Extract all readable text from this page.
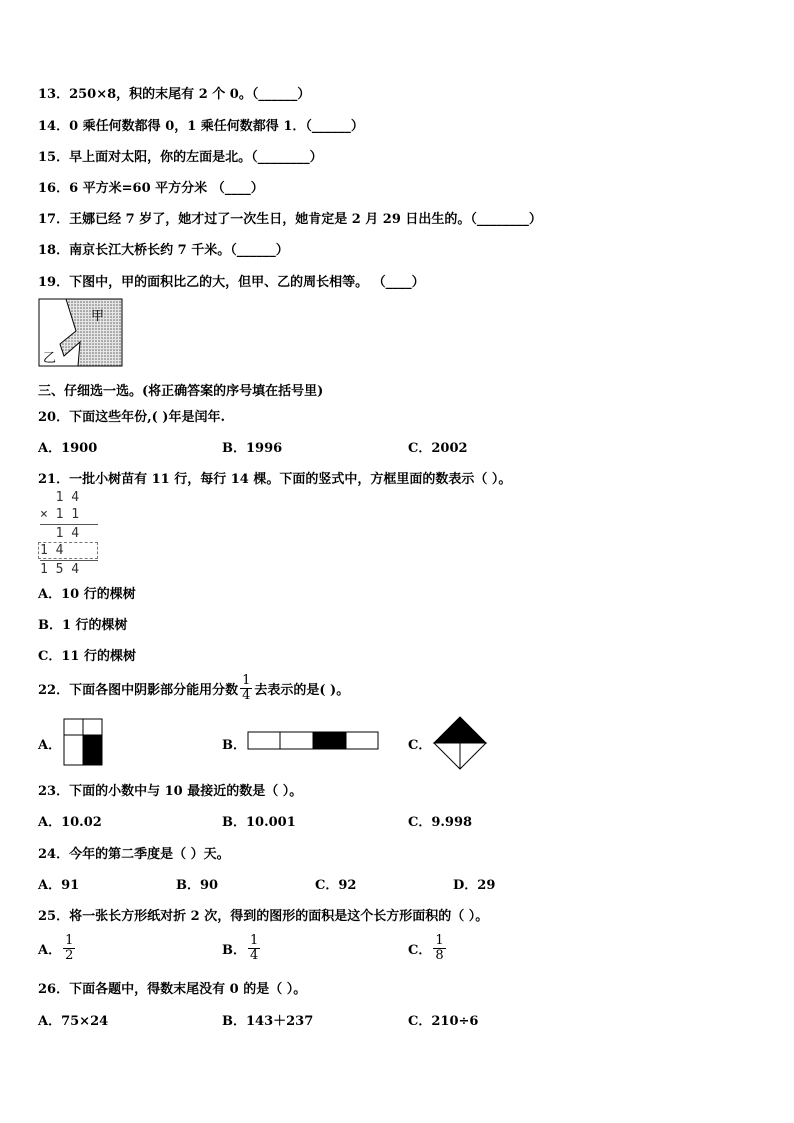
13．250×8，积的末尾有 2 个 0。（______）
14．0 乘任何数都得 0，1 乘任何数都得 1．（______）
15．早上面对太阳，你的左面是北。（________）
16．6 平方米=60 平方分米 （____）
17．王娜已经 7 岁了，她才过了一次生日，她肯定是 2 月 29 日出生的。（________）
18．南京长江大桥长约 7 千米。（______）
19．下图中，甲的面积比乙的大，但甲、乙的周长相等。 （____）
甲
乙
三、仔细选一选。(将正确答案的序号填在括号里)
20．下面这些年份,( )年是闰年.
A．1900	B．1996	C．2002
21．一批小树苗有 11 行，每行 14 棵。下面的竖式中，方框里面的数表示（ ）。
1 4
× 1 1
1 4
1 4
1 5 4
A．10 行的棵树
B．1 行的棵树
C．11 行的棵树
22．下面各图中阴影部分能用分数 $\frac{1}{4}$ 去表示的是( )。
A．	B．	C．
23．下面的小数中与 10 最接近的数是（ ）。
A．10.02	B．10.001	C．9.998
24．今年的第二季度是（ ）天。
A．91	B．90	C．92	D．29
25．将一张长方形纸对折 2 次，得到的图形的面积是这个长方形面积的（ ）。
A． $\frac{1}{2}$	B． $\frac{1}{4}$	C． $\frac{1}{8}$
26．下面各题中，得数末尾没有 0 的是（ ）。
A．75×24	B．143＋237	C．210÷6
